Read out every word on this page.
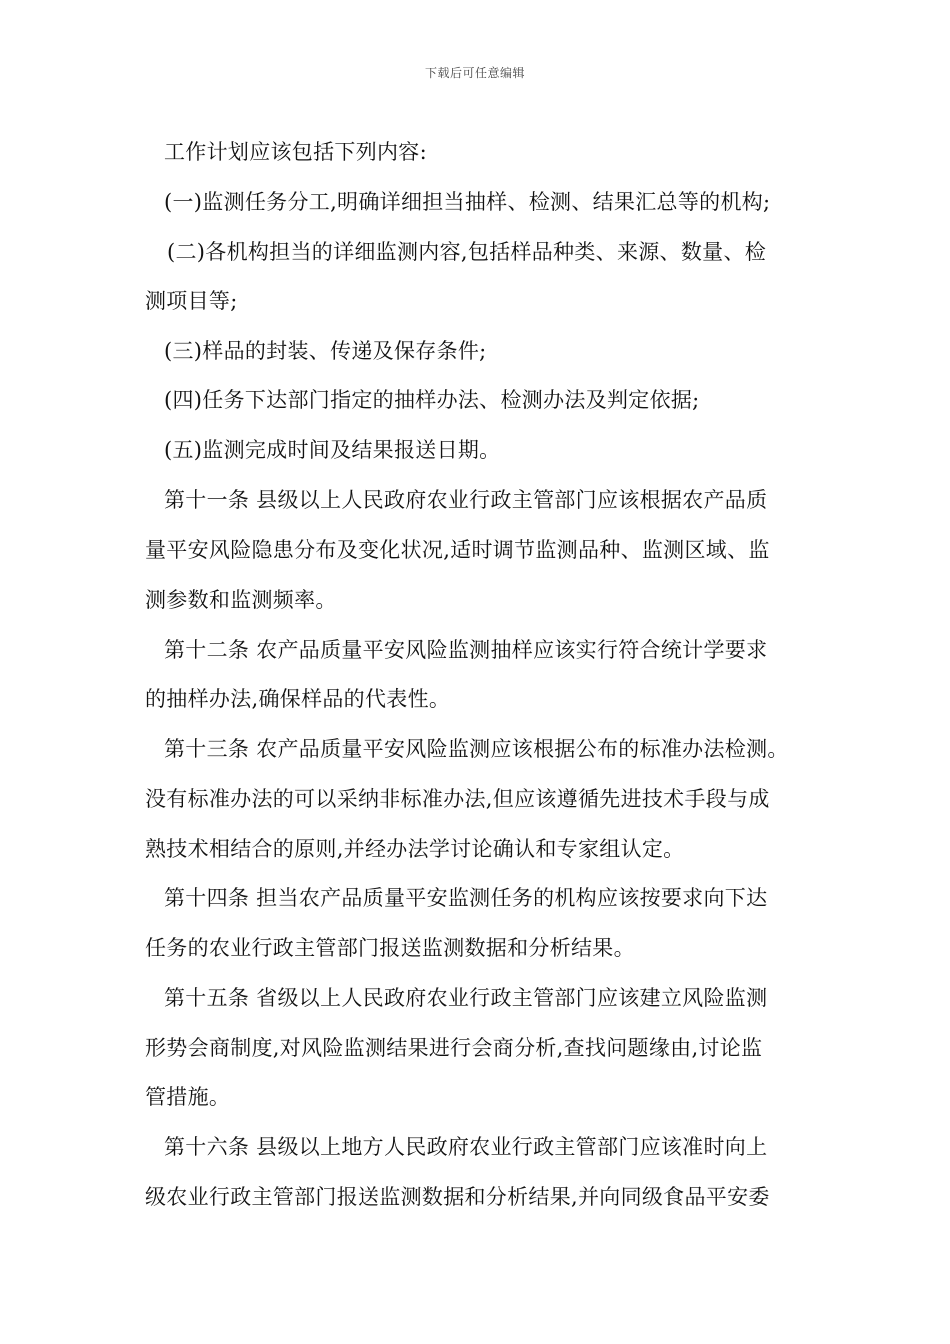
下载后可任意编辑
工作计划应该包括下列内容:
(一)监测任务分工,明确详细担当抽样、检测、结果汇总等的机构;
(二)各机构担当的详细监测内容,包括样品种类、来源、数量、检
测项目等;
(三)样品的封装、传递及保存条件;
(四)任务下达部门指定的抽样办法、检测办法及判定依据;
(五)监测完成时间及结果报送日期。
第十一条 县级以上人民政府农业行政主管部门应该根据农产品质
量平安风险隐患分布及变化状况,适时调节监测品种、监测区域、监
测参数和监测频率。
第十二条 农产品质量平安风险监测抽样应该实行符合统计学要求
的抽样办法,确保样品的代表性。
第十三条 农产品质量平安风险监测应该根据公布的标准办法检测。
没有标准办法的可以采纳非标准办法,但应该遵循先进技术手段与成
熟技术相结合的原则,并经办法学讨论确认和专家组认定。
第十四条 担当农产品质量平安监测任务的机构应该按要求向下达
任务的农业行政主管部门报送监测数据和分析结果。
第十五条 省级以上人民政府农业行政主管部门应该建立风险监测
形势会商制度,对风险监测结果进行会商分析,查找问题缘由,讨论监
管措施。
第十六条 县级以上地方人民政府农业行政主管部门应该准时向上
级农业行政主管部门报送监测数据和分析结果,并向同级食品平安委
